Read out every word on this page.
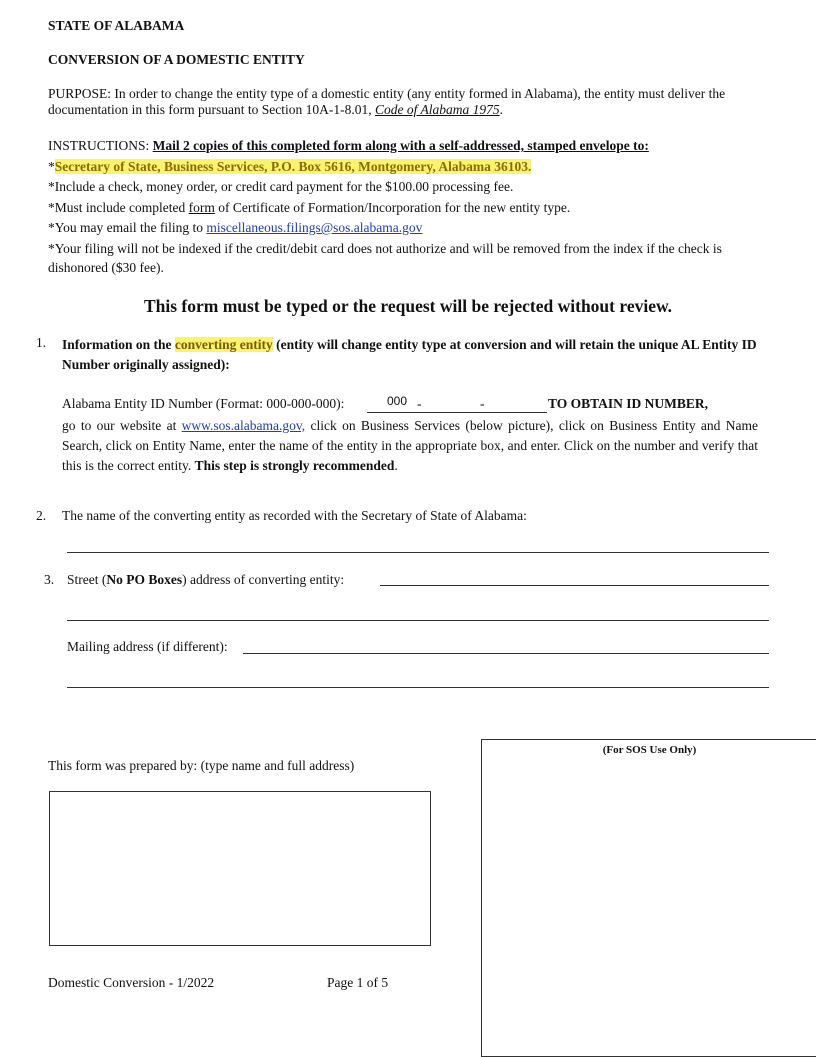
STATE OF ALABAMA
CONVERSION OF A DOMESTIC ENTITY
PURPOSE: In order to change the entity type of a domestic entity (any entity formed in Alabama), the entity must deliver the documentation in this form pursuant to Section 10A-1-8.01, Code of Alabama 1975.

INSTRUCTIONS: Mail 2 copies of this completed form along with a self-addressed, stamped envelope to:

*Secretary of State, Business Services, P.O. Box 5616, Montgomery, Alabama 36103.

*Include a check, money order, or credit card payment for the $100.00 processing fee.

*Must include completed form of Certificate of Formation/Incorporation for the new entity type.

*You may email the filing to miscellaneous.filings@sos.alabama.gov

*Your filing will not be indexed if the credit/debit card does not authorize and will be removed from the index if the check is dishonored ($30 fee).

This form must be typed or the request will be rejected without review.
1. Information on the converting entity (entity will change entity type at conversion and will retain the unique AL Entity ID Number originally assigned):
Alabama Entity ID Number (Format: 000-000-000):	000 -	-	TO OBTAIN ID NUMBER,
go to our website at www.sos.alabama.gov, click on Business Services (below picture), click on Business Entity and Name Search, click on Entity Name, enter the name of the entity in the appropriate box, and enter. Click on the number and verify that this is the correct entity. This step is strongly recommended.
2. The name of the converting entity as recorded with the Secretary of State of Alabama:
3. Street (No PO Boxes) address of converting entity:
Mailing address (if different):
This form was prepared by: (type name and full address)
(For SOS Use Only)
Domestic Conversion - 1/2022	Page 1 of 5
